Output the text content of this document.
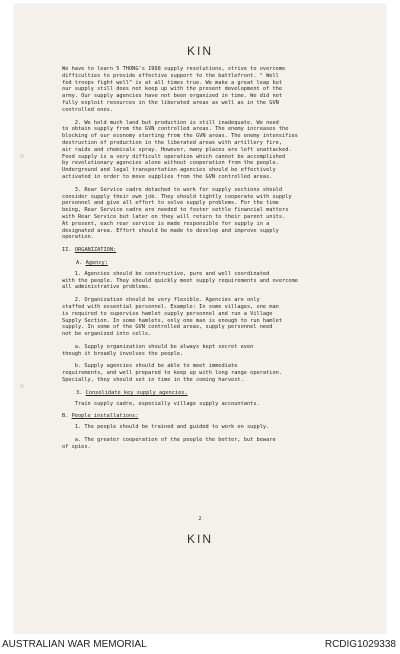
KIN
We have to learn 5 THONG's 1968 supply resolutions, strive to overcome
difficulties to provide effective support to the battlefront. " Well
fed troops fight well" is at all times true. We make a great leap but
our supply still does not keep up with the present development of the
army. Our supply agencies have not been organized in time. We did not
fully exploit resources in the liberated areas as well as in the GVN
controlled ones.
2. We hold much land but production is still inadequate. We need
to obtain supply from the GVN controlled areas. The enemy increases the
blocking of our economy starting from the GVN areas. The enemy intensifies
destruction of production in the liberated areas with artillery fire,
air raids and chemicals spray. However, many places are left unattacked.
Food supply is a very difficult operation which cannot be accomplished
by revolutionary agencies alone without cooperation from the people.
Underground and legal transportation agencies should be effectively
activated in order to move supplies from the GVN controlled areas.
3. Rear Service cadre detached to work for supply sections should
consider supply their own job. They should tightly cooperate with supply
personnel and give all effort to solve supply problems. For the time
being, Rear Service cadre are needed to foster settle financial matters
with Rear Service but later on they will return to their parent units.
At present, each rear service is made responsible for supply in a
designated area. Effort should be made to develop and improve supply
operation.
II. ORGANIZATION:
A. Agency:
1. Agencies should be constructive, pure and well coordinated
with the people. They should quickly meet supply requirements and overcome
all administrative problems.
2. Organization should be very flexible. Agencies are only
staffed with essential personnel. Example: In some villages, one man
is required to supervise hamlet supply personnel and run a Village
Supply Section. In some hamlets, only one man is enough to run hamlet
supply. In some of the GVN controlled areas, supply personnel need
not be organized into cells.
a. Supply organization should be always kept secret even
though it broadly involves the people.
b. Supply agencies should be able to meet immediate
requirements, and well prepared to keep up with long range operation.
Specially, they should set in time in the coming harvest.
3. Consolidate key supply agencies.
Train supply cadre, especially village supply accountants.
B. People installations:
1. The people should be trained and guided to work on supply.
a. The greater cooperation of the people the better, but beware
of spies.
2
KIN
AUSTRALIAN WAR MEMORIAL	RCDIG1029338
